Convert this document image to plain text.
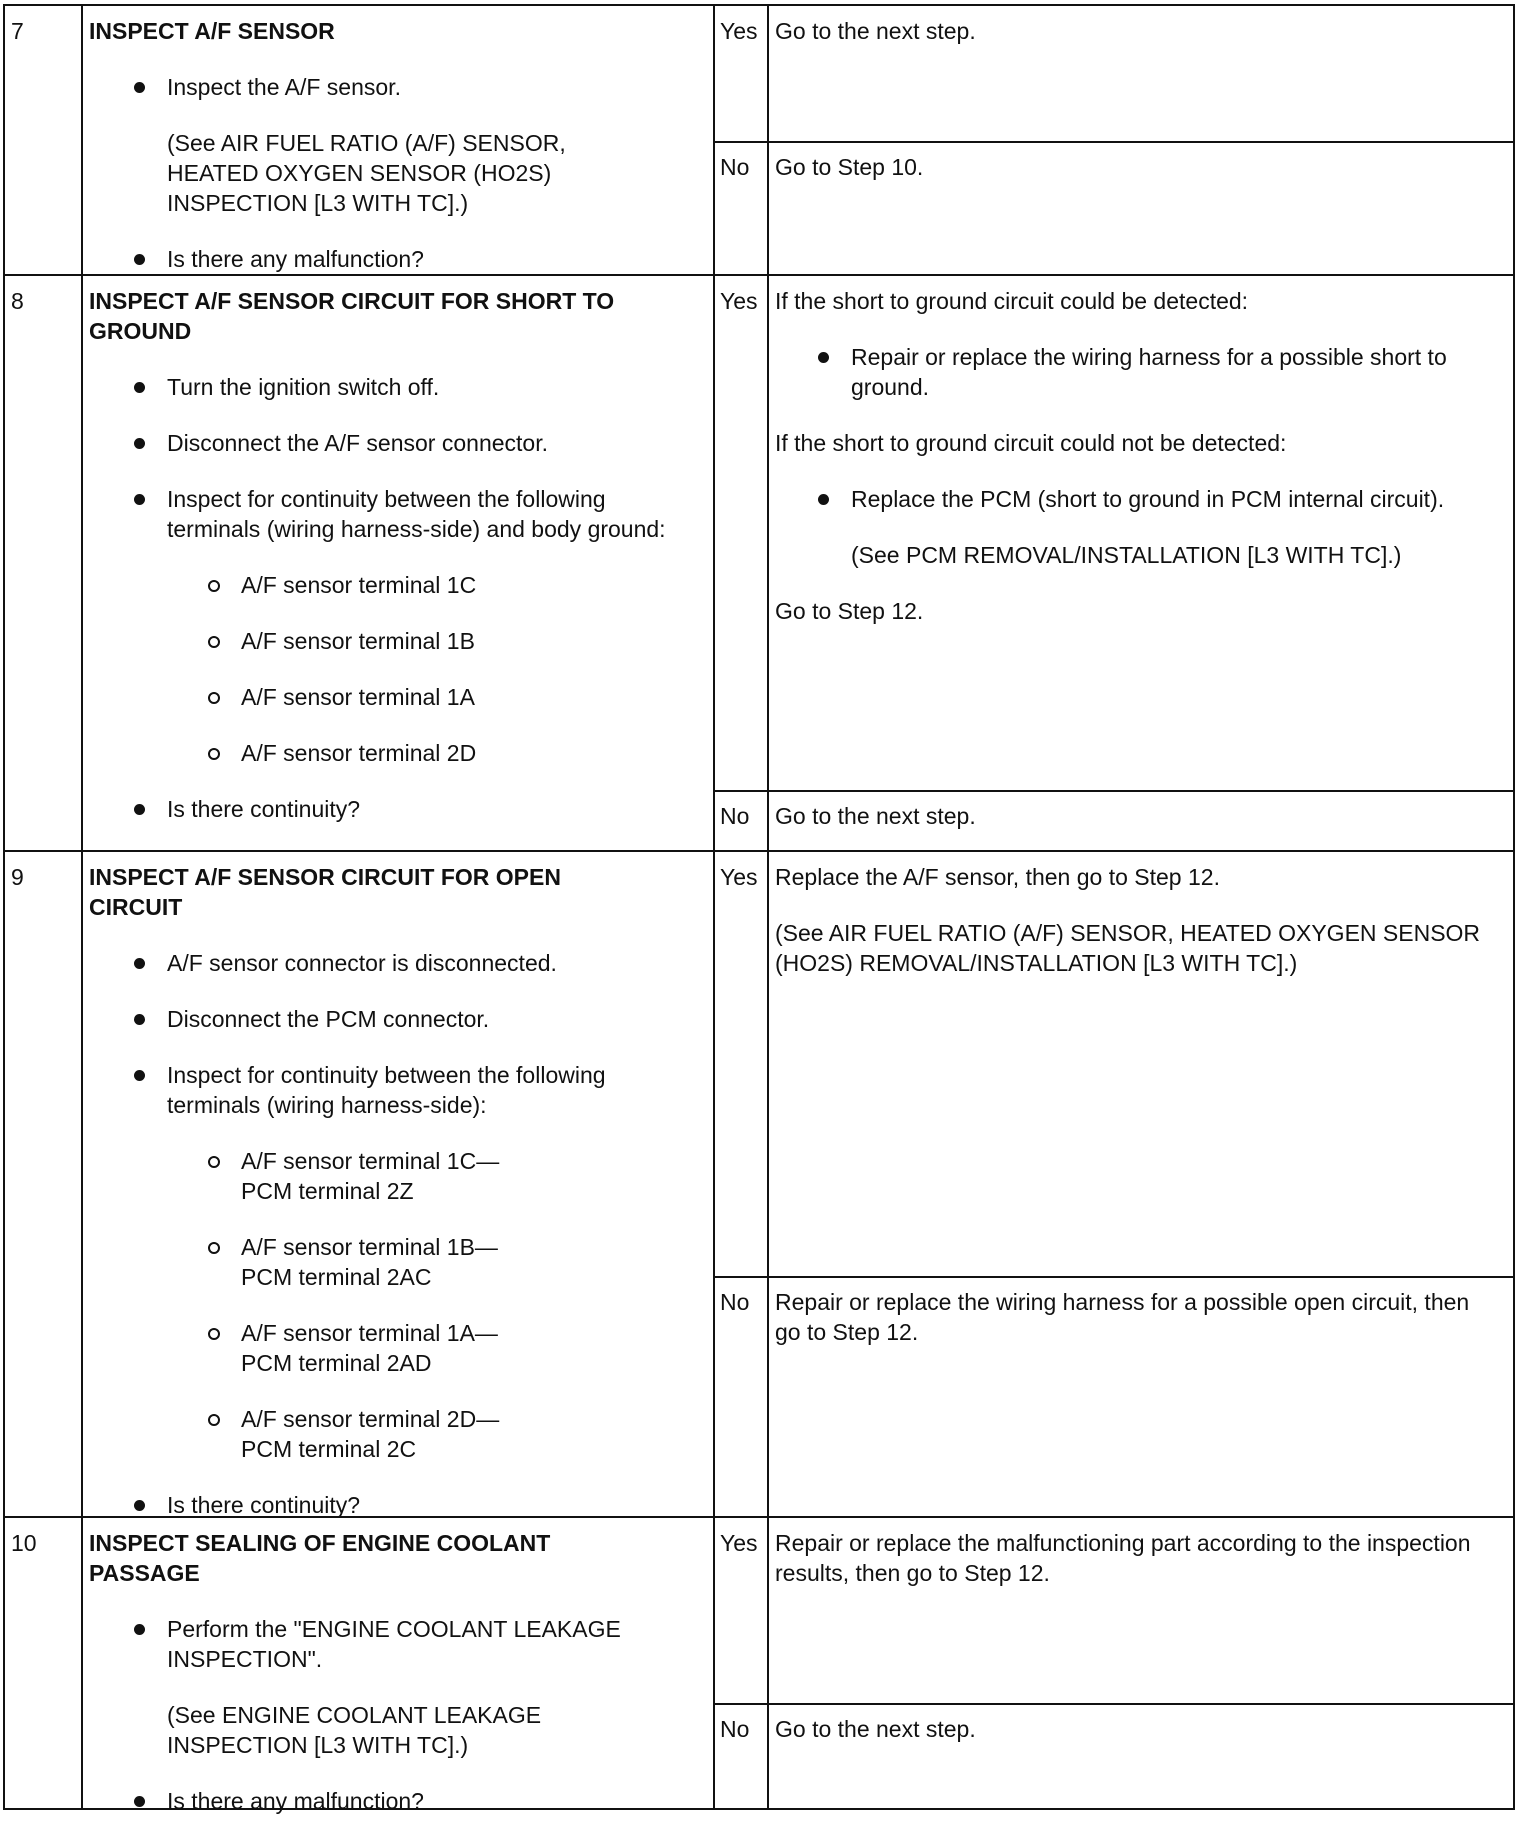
7	INSPECT A/F SENSOR
Inspect the A/F sensor.
(See AIR FUEL RATIO (A/F) SENSOR, HEATED OXYGEN SENSOR (HO2S) INSPECTION [L3 WITH TC].)
Is there any malfunction?
Yes Go to the next step.
No Go to Step 10.
8	INSPECT A/F SENSOR CIRCUIT FOR SHORT TO GROUND
Turn the ignition switch off.
Disconnect the A/F sensor connector.
Inspect for continuity between the following terminals (wiring harness-side) and body ground:
A/F sensor terminal 1C
A/F sensor terminal 1B
A/F sensor terminal 1A
A/F sensor terminal 2D
Is there continuity?
Yes If the short to ground circuit could be detected:
Repair or replace the wiring harness for a possible short to ground.
If the short to ground circuit could not be detected:
Replace the PCM (short to ground in PCM internal circuit).
(See PCM REMOVAL/INSTALLATION [L3 WITH TC].)
Go to Step 12.
No Go to the next step.
9	INSPECT A/F SENSOR CIRCUIT FOR OPEN CIRCUIT
A/F sensor connector is disconnected.
Disconnect the PCM connector.
Inspect for continuity between the following terminals (wiring harness-side):
A/F sensor terminal 1C—PCM terminal 2Z
A/F sensor terminal 1B—PCM terminal 2AC
A/F sensor terminal 1A—PCM terminal 2AD
A/F sensor terminal 2D—PCM terminal 2C
Is there continuity?
Yes Replace the A/F sensor, then go to Step 12.
(See AIR FUEL RATIO (A/F) SENSOR, HEATED OXYGEN SENSOR (HO2S) REMOVAL/INSTALLATION [L3 WITH TC].)
No Repair or replace the wiring harness for a possible open circuit, then go to Step 12.
10 INSPECT SEALING OF ENGINE COOLANT PASSAGE
Perform the "ENGINE COOLANT LEAKAGE INSPECTION".
(See ENGINE COOLANT LEAKAGE INSPECTION [L3 WITH TC].)
Is there any malfunction?
Yes Repair or replace the malfunctioning part according to the inspection results, then go to Step 12.
No Go to the next step.
